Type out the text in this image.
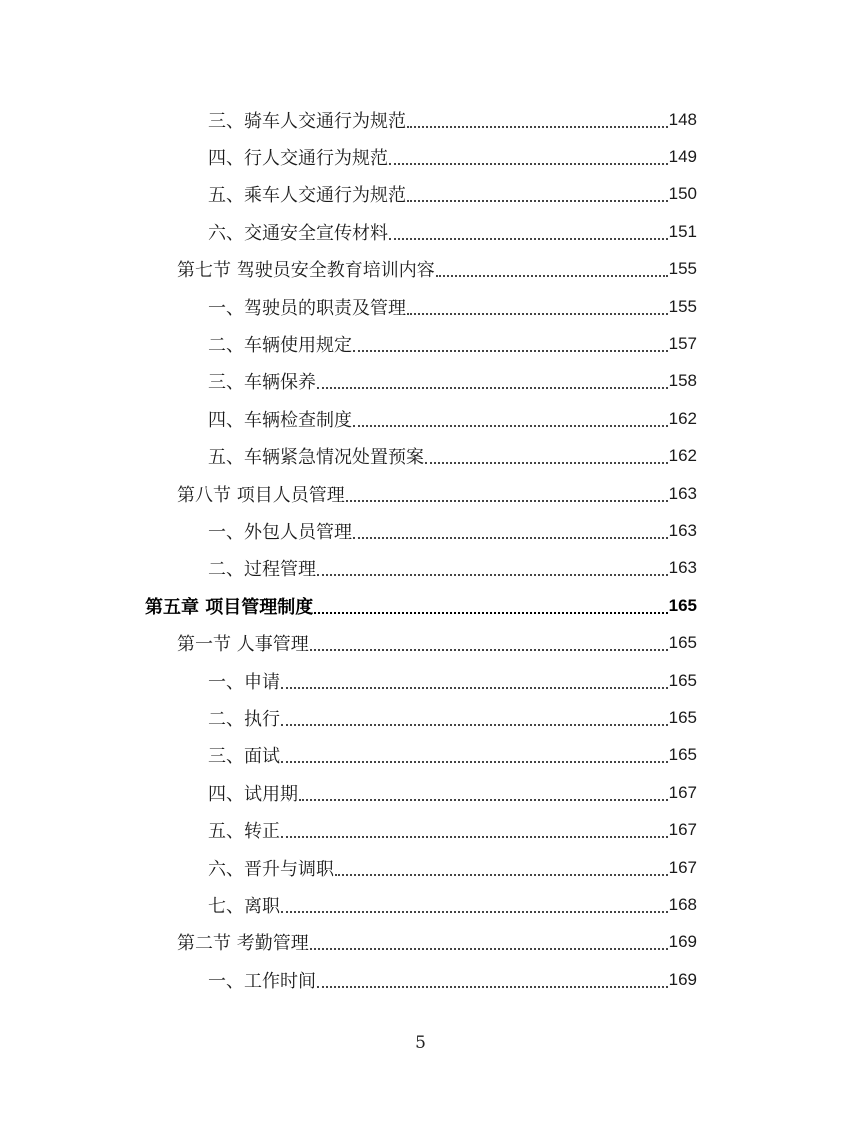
三、骑车人交通行为规范	148
四、行人交通行为规范	149
五、乘车人交通行为规范	150
六、交通安全宣传材料	151
第七节 驾驶员安全教育培训内容	155
一、驾驶员的职责及管理	155
二、车辆使用规定	157
三、车辆保养	158
四、车辆检查制度	162
五、车辆紧急情况处置预案	162
第八节 项目人员管理	163
一、外包人员管理	163
二、过程管理	163
第五章 项目管理制度	165
第一节 人事管理	165
一、申请	165
二、执行	165
三、面试	165
四、试用期	167
五、转正	167
六、晋升与调职	167
七、离职	168
第二节 考勤管理	169
一、工作时间	169
5
